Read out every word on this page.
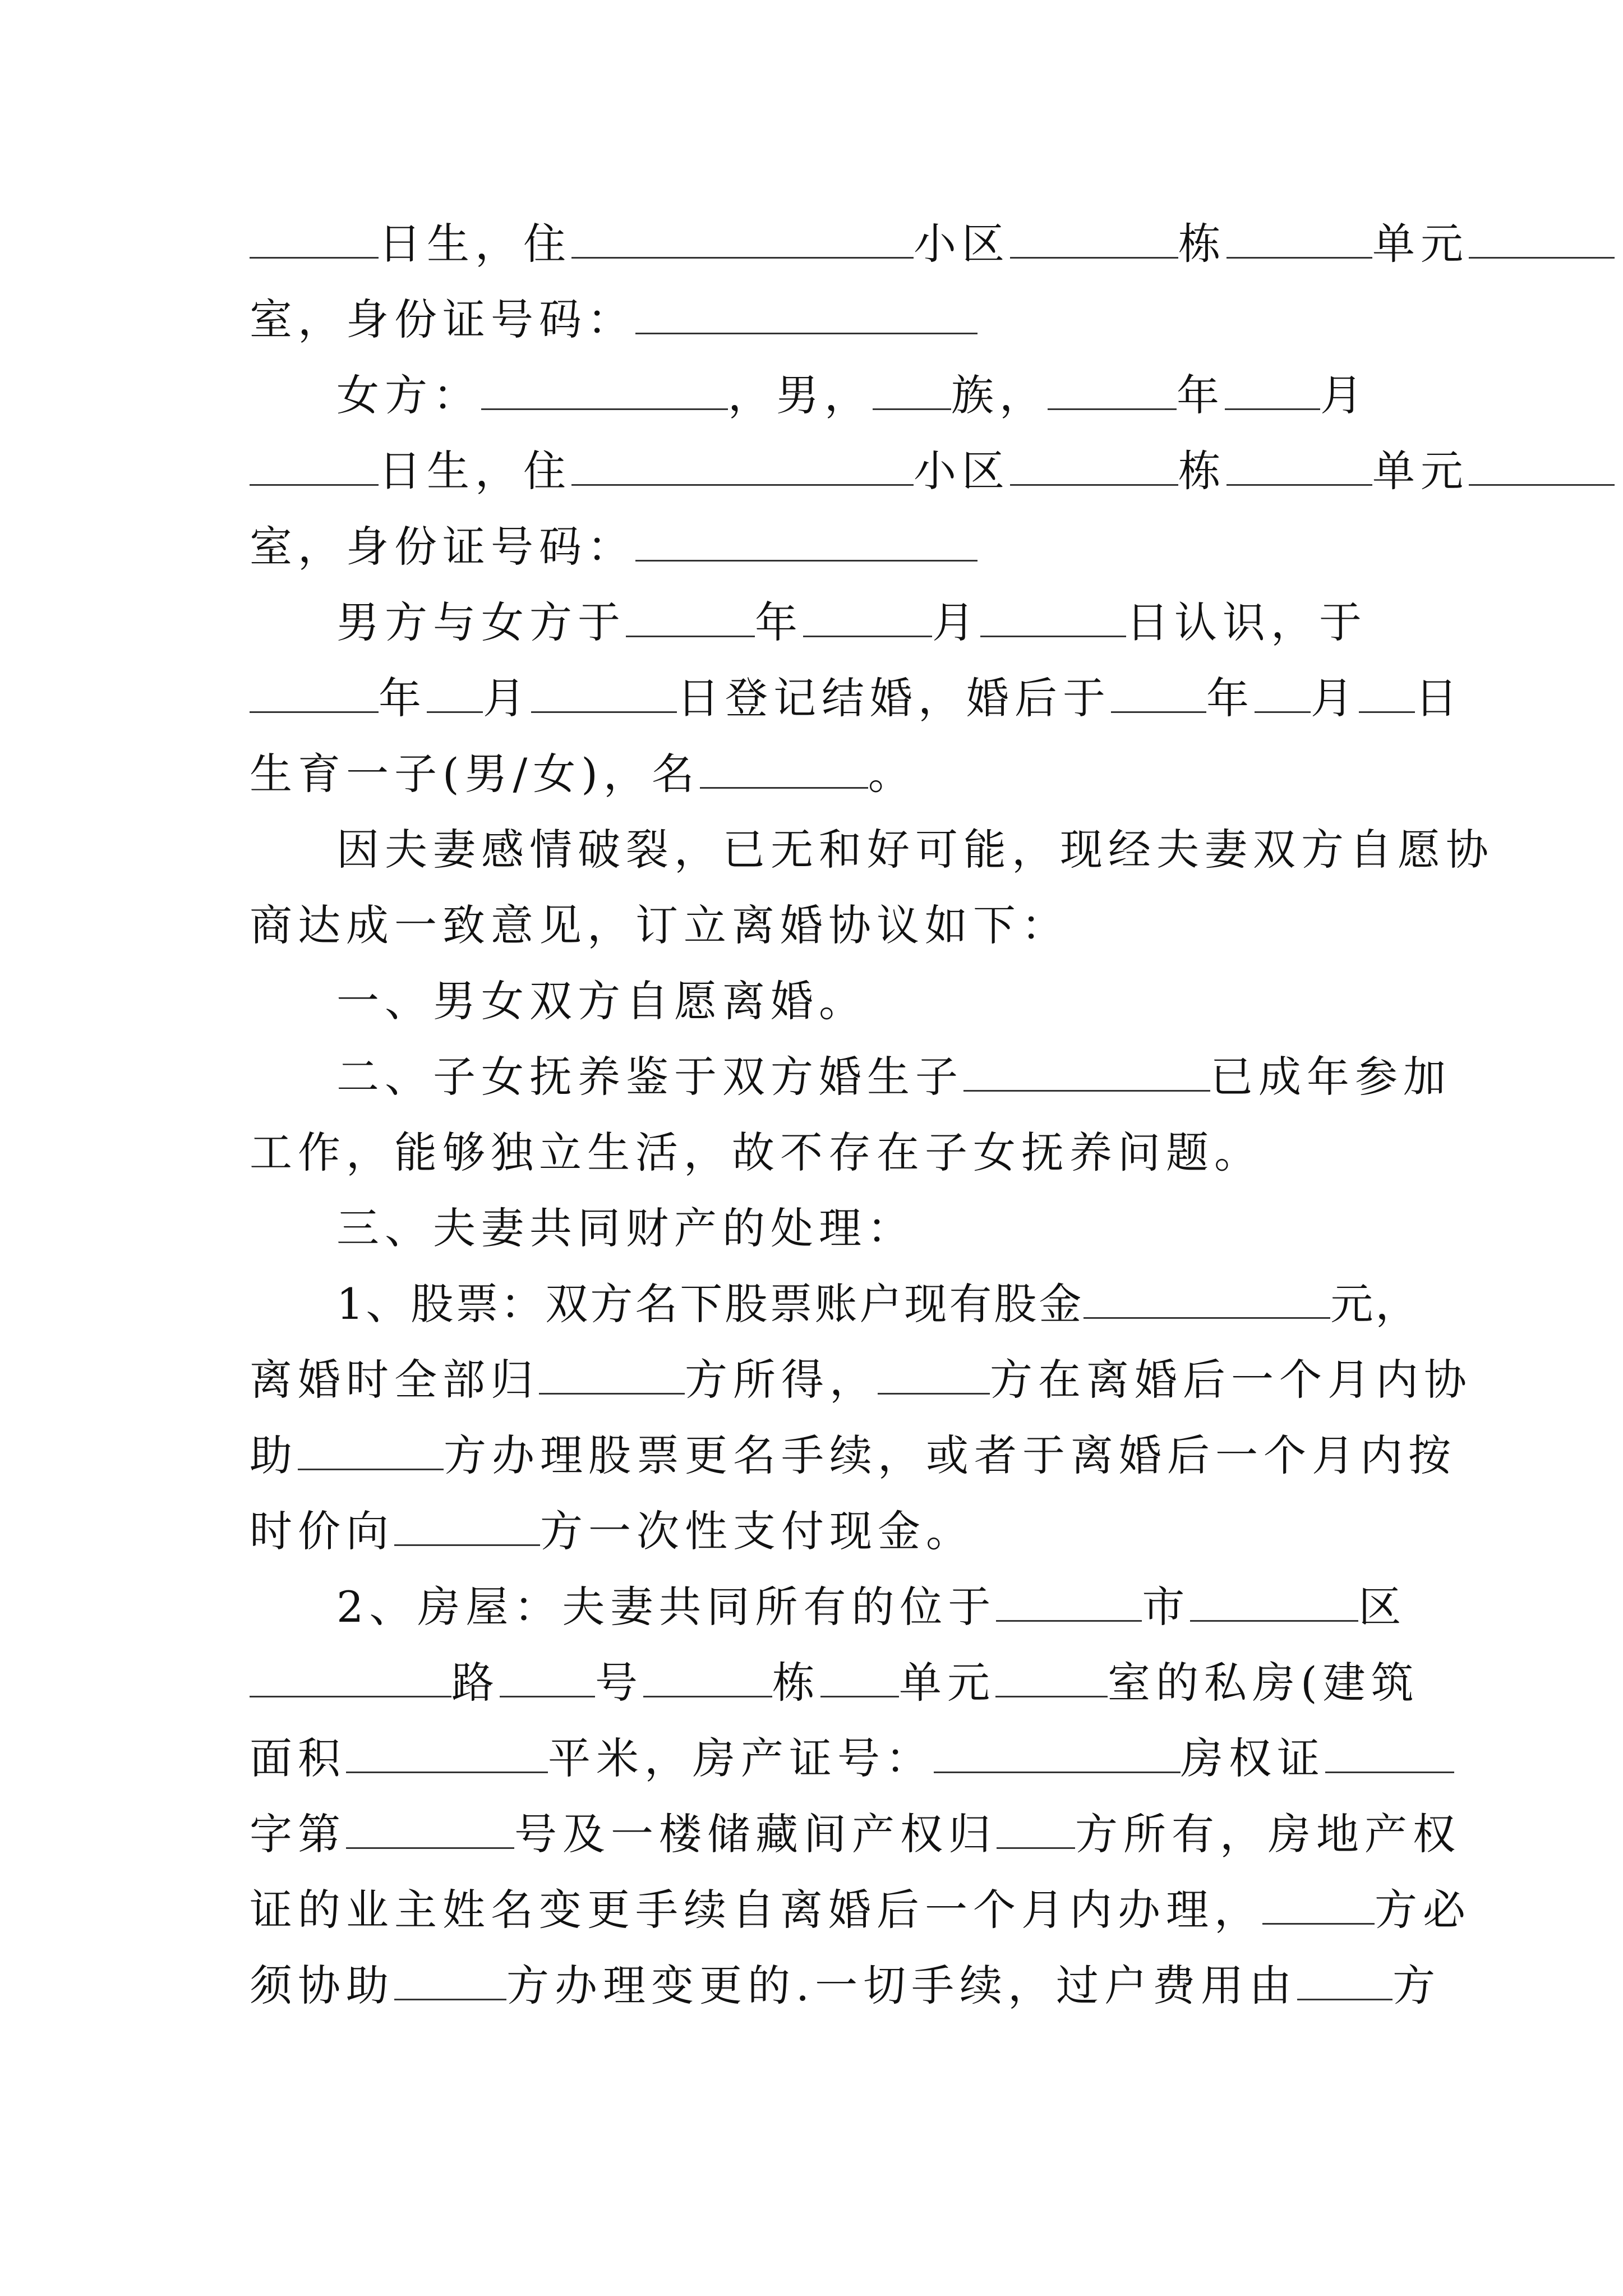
日生，住	小区	栋	单元
室，身份证号码：
女方：	，男， 族，	年 月
日生，住	小区	栋	单元
室，身份证号码：
男方与女方于	年	月	日认识，于
年 月	日登记结婚，婚后于 年 月 日
生育一子(男/女)，名	。
因夫妻感情破裂，已无和好可能，现经夫妻双方自愿协
商达成一致意见，订立离婚协议如下：
一、男女双方自愿离婚。
二、子女抚养鉴于双方婚生子	已成年参加
工作，能够独立生活，故不存在子女抚养问题。
三、夫妻共同财产的处理：
1、股票：双方名下股票账户现有股金	元，
离婚时全部归	方所得，	方在离婚后一个月内协
助	方办理股票更名手续，或者于离婚后一个月内按
时价向	方一次性支付现金。
2、房屋：夫妻共同所有的位于	市	区
路 号	栋 单元	室的私房(建筑
面积	平米，房产证号：	房权证
字第	号及一楼储藏间产权归 方所有，房地产权
证的业主姓名变更手续自离婚后一个月内办理，	方必
须协助	方办理变更的.一切手续，过户费用由 方
